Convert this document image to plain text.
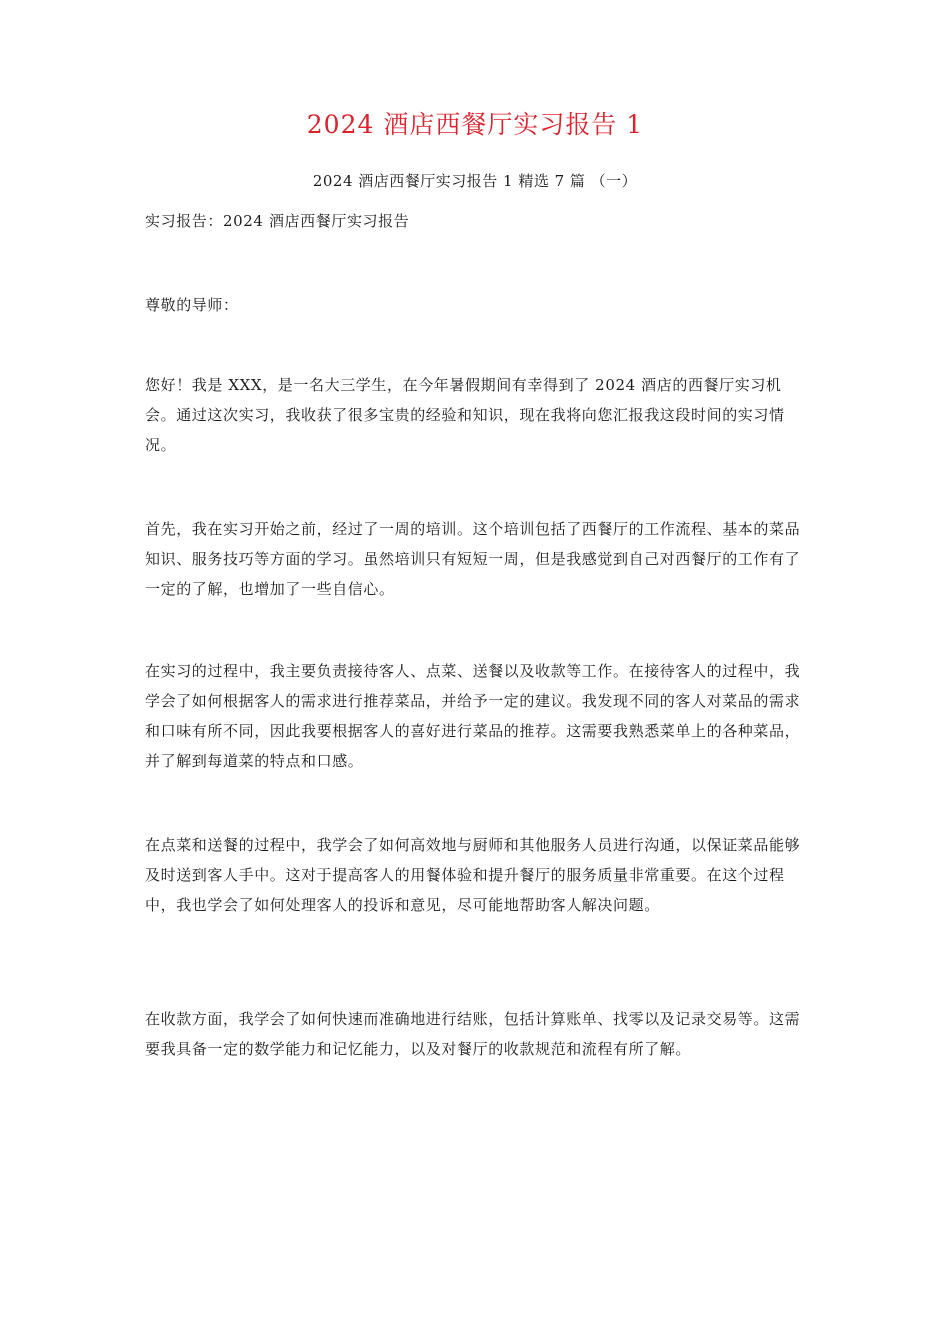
2024 酒店西餐厅实习报告 1
2024 酒店西餐厅实习报告 1 精选 7 篇 （一）

实习报告：2024 酒店西餐厅实习报告

尊敬的导师：

您好！我是 XXX，是一名大三学生，在今年暑假期间有幸得到了 2024 酒店的西餐厅实习机会。通过这次实习，我收获了很多宝贵的经验和知识，现在我将向您汇报我这段时间的实习情况。

首先，我在实习开始之前，经过了一周的培训。这个培训包括了西餐厅的工作流程、基本的菜品知识、服务技巧等方面的学习。虽然培训只有短短一周，但是我感觉到自己对西餐厅的工作有了一定的了解，也增加了一些自信心。

在实习的过程中，我主要负责接待客人、点菜、送餐以及收款等工作。在接待客人的过程中，我学会了如何根据客人的需求进行推荐菜品，并给予一定的建议。我发现不同的客人对菜品的需求和口味有所不同，因此我要根据客人的喜好进行菜品的推荐。这需要我熟悉菜单上的各种菜品，并了解到每道菜的特点和口感。

在点菜和送餐的过程中，我学会了如何高效地与厨师和其他服务人员进行沟通，以保证菜品能够及时送到客人手中。这对于提高客人的用餐体验和提升餐厅的服务质量非常重要。在这个过程中，我也学会了如何处理客人的投诉和意见，尽可能地帮助客人解决问题。

在收款方面，我学会了如何快速而准确地进行结账，包括计算账单、找零以及记录交易等。这需要我具备一定的数学能力和记忆能力，以及对餐厅的收款规范和流程有所了解。
